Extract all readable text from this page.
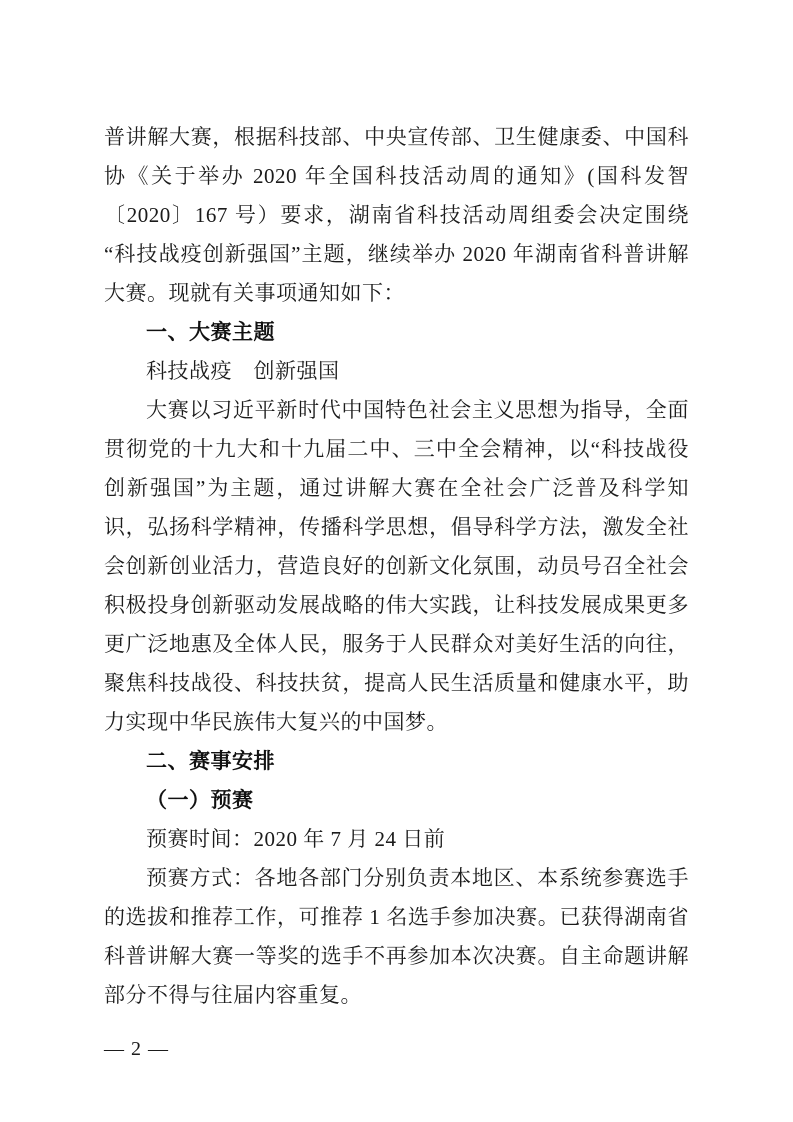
普讲解大赛，根据科技部、中央宣传部、卫生健康委、中国科协《关于举办 2020 年全国科技活动周的通知》(国科发智〔2020〕167 号）要求，湖南省科技活动周组委会决定围绕“科技战疫创新强国”主题，继续举办 2020 年湖南省科普讲解大赛。现就有关事项通知如下：

一、大赛主题

科技战疫　创新强国

大赛以习近平新时代中国特色社会主义思想为指导，全面贯彻党的十九大和十九届二中、三中全会精神，以“科技战役创新强国”为主题，通过讲解大赛在全社会广泛普及科学知识，弘扬科学精神，传播科学思想，倡导科学方法，激发全社会创新创业活力，营造良好的创新文化氛围，动员号召全社会积极投身创新驱动发展战略的伟大实践，让科技发展成果更多更广泛地惠及全体人民，服务于人民群众对美好生活的向往，聚焦科技战役、科技扶贫，提高人民生活质量和健康水平，助力实现中华民族伟大复兴的中国梦。

二、赛事安排
（一）预赛

预赛时间：2020 年 7 月 24 日前

预赛方式：各地各部门分别负责本地区、本系统参赛选手的选拔和推荐工作，可推荐 1 名选手参加决赛。已获得湖南省科普讲解大赛一等奖的选手不再参加本次决赛。自主命题讲解部分不得与往届内容重复。

— 2 —
